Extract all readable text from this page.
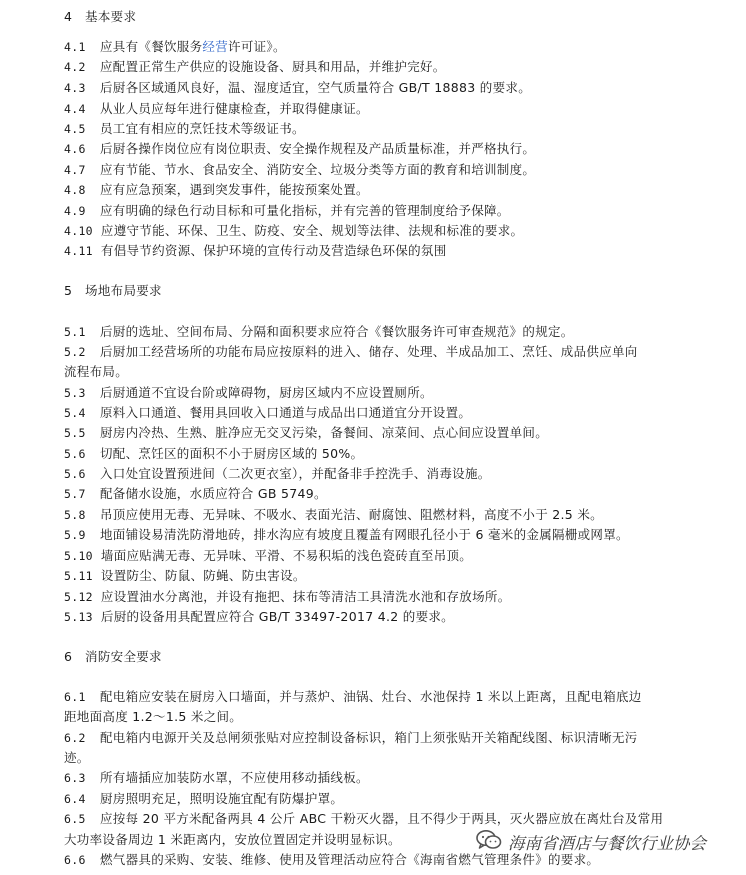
4　基本要求
4.1 应具有《餐饮服务经营许可证》。
4.2 应配置正常生产供应的设施设备、厨具和用品，并维护完好。
4.3 后厨各区域通风良好，温、湿度适宜，空气质量符合 GB/T 18883 的要求。
4.4 从业人员应每年进行健康检查，并取得健康证。
4.5 员工宜有相应的烹饪技术等级证书。
4.6 后厨各操作岗位应有岗位职责、安全操作规程及产品质量标准，并严格执行。
4.7 应有节能、节水、食品安全、消防安全、垃圾分类等方面的教育和培训制度。
4.8 应有应急预案，遇到突发事件，能按预案处置。
4.9 应有明确的绿色行动目标和可量化指标，并有完善的管理制度给予保障。
4.10 应遵守节能、环保、卫生、防疫、安全、规划等法律、法规和标准的要求。
4.11 有倡导节约资源、保护环境的宣传行动及营造绿色环保的氛围
5　场地布局要求
5.1 后厨的选址、空间布局、分隔和面积要求应符合《餐饮服务许可审查规范》的规定。
5.2 后厨加工经营场所的功能布局应按原料的进入、储存、处理、半成品加工、烹饪、成品供应单向
流程布局。
5.3 后厨通道不宜设台阶或障碍物，厨房区域内不应设置厕所。
5.4 原料入口通道、餐用具回收入口通道与成品出口通道宜分开设置。
5.5 厨房内冷热、生熟、脏净应无交叉污染，备餐间、凉菜间、点心间应设置单间。
5.6 切配、烹饪区的面积不小于厨房区域的 50%。
5.6 入口处宜设置预进间（二次更衣室），并配备非手控洗手、消毒设施。
5.7 配备储水设施，水质应符合 GB 5749。
5.8 吊顶应使用无毒、无异味、不吸水、表面光洁、耐腐蚀、阻燃材料，高度不小于 2.5 米。
5.9 地面铺设易清洗防滑地砖，排水沟应有坡度且覆盖有网眼孔径小于 6 毫米的金属隔栅或网罩。
5.10 墙面应贴满无毒、无异味、平滑、不易积垢的浅色瓷砖直至吊顶。
5.11 设置防尘、防鼠、防蝇、防虫害设。
5.12 应设置油水分离池，并设有拖把、抹布等清洁工具清洗水池和存放场所。
5.13 后厨的设备用具配置应符合 GB/T 33497-2017 4.2 的要求。
6　消防安全要求
6.1 配电箱应安装在厨房入口墙面，并与蒸炉、油锅、灶台、水池保持 1 米以上距离，且配电箱底边
距地面高度 1.2～1.5 米之间。
6.2 配电箱内电源开关及总闸须张贴对应控制设备标识，箱门上须张贴开关箱配线图、标识清晰无污
迹。
6.3 所有墙插应加装防水罩，不应使用移动插线板。
6.4 厨房照明充足，照明设施宜配有防爆护罩。
6.5 应按每 20 平方米配备两具 4 公斤 ABC 干粉灭火器，且不得少于两具，灭火器应放在离灶台及常用
大功率设备周边 1 米距离内，安放位置固定并设明显标识。
6.6 燃气器具的采购、安装、维修、使用及管理活动应符合《海南省燃气管理条件》的要求。
海南省酒店与餐饮行业协会
